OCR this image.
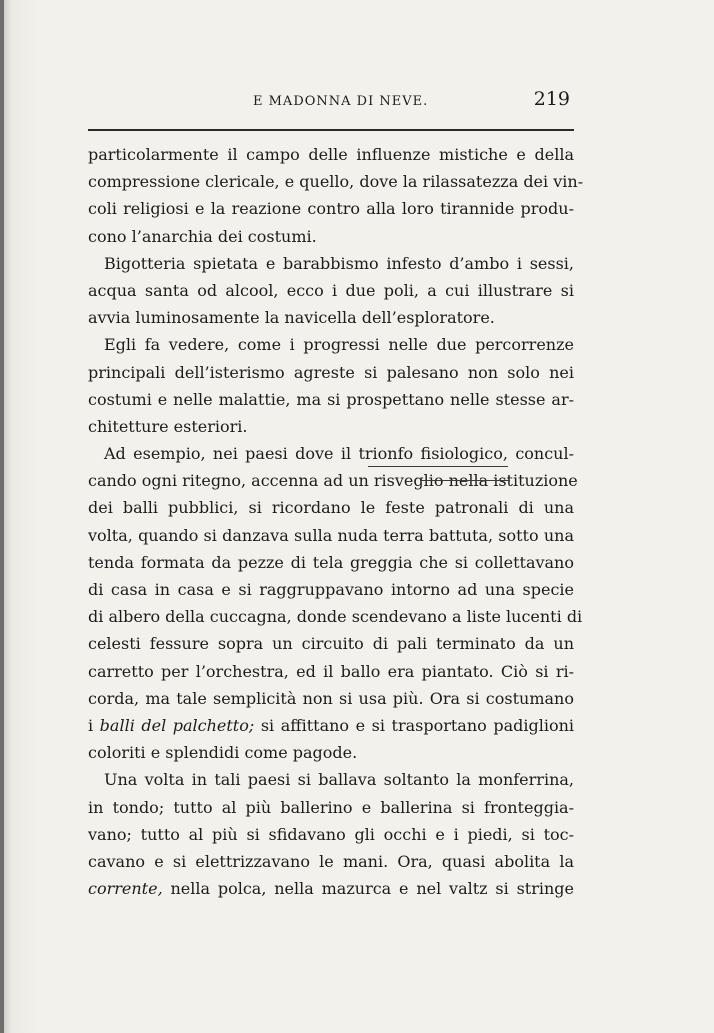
E MADONNA DI NEVE.	219
particolarmente il campo delle influenze mistiche e della
compressione clericale, e quello, dove la rilassatezza dei vin-
coli religiosi e la reazione contro alla loro tirannide produ-
cono l’anarchia dei costumi.
Bigotteria spietata e barabbismo infesto d’ambo i sessi,
acqua santa od alcool, ecco i due poli, a cui illustrare si
avvia luminosamente la navicella dell’esploratore.
Egli fa vedere, come i progressi nelle due percorrenze
principali dell’isterismo agreste si palesano non solo nei
costumi e nelle malattie, ma si prospettano nelle stesse ar-
chitetture esteriori.
Ad esempio, nei paesi dove il trionfo fisiologico, concul-
cando ogni ritegno, accenna ad un risveglio nella istituzione
dei balli pubblici, si ricordano le feste patronali di una
volta, quando si danzava sulla nuda terra battuta, sotto una
tenda formata da pezze di tela greggia che si collettavano
di casa in casa e si raggruppavano intorno ad una specie
di albero della cuccagna, donde scendevano a liste lucenti di
celesti fessure sopra un circuito di pali terminato da un
carretto per l’orchestra, ed il ballo era piantato. Ciò si ri-
corda, ma tale semplicità non si usa più. Ora si costumano
i balli del palchetto; si affittano e si trasportano padiglioni
coloriti e splendidi come pagode.
Una volta in tali paesi si ballava soltanto la monferrina,
in tondo; tutto al più ballerino e ballerina si fronteggia-
vano; tutto al più si sfidavano gli occhi e i piedi, si toc-
cavano e si elettrizzavano le mani. Ora, quasi abolita la
corrente, nella polca, nella mazurca e nel valtz si stringe
